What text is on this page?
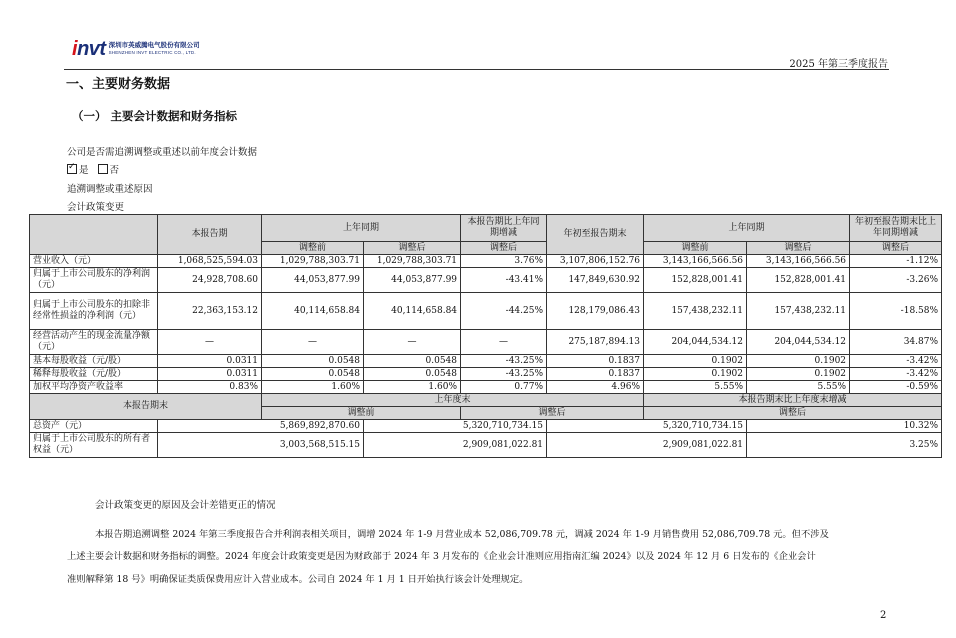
invt 深圳市英威腾电气股份有限公司
SHENZHEN INVT ELECTRIC CO., LTD.
2025 年第三季度报告
一、主要财务数据
（一） 主要会计数据和财务指标
公司是否需追溯调整或重述以前年度会计数据
✓是 否
追溯调整或重述原因
会计政策变更
	本报告期	上年同期		本报告期比上年同期增减	年初至报告期末	上年同期		年初至报告期末比上年同期增减
		调整前	调整后	调整后		调整前	调整后	调整后
营业收入（元）	1,068,525,594.03	1,029,788,303.71	1,029,788,303.71	3.76%	3,107,806,152.76	3,143,166,566.56	3,143,166,566.56	-1.12%
归属于上市公司股东的净利润（元）	24,928,708.60	44,053,877.99	44,053,877.99	-43.41%	147,849,630.92	152,828,001.41	152,828,001.41	-3.26%
归属于上市公司股东的扣除非经常性损益的净利润（元）	22,363,153.12	40,114,658.84	40,114,658.84	-44.25%	128,179,086.43	157,438,232.11	157,438,232.11	-18.58%
经营活动产生的现金流量净额（元）	—	—	—	—	275,187,894.13	204,044,534.12	204,044,534.12	34.87%
基本每股收益（元/股）	0.0311	0.0548	0.0548	-43.25%	0.1837	0.1902	0.1902	-3.42%
稀释每股收益（元/股）	0.0311	0.0548	0.0548	-43.25%	0.1837	0.1902	0.1902	-3.42%
加权平均净资产收益率	0.83%	1.60%	1.60%	0.77%	4.96%	5.55%	5.55%	-0.59%
本报告期末		上年度末				本报告期末比上年度末增减		
		调整前		调整后		调整后		
总资产（元）	5,869,892,870.60		5,320,710,734.15		5,320,710,734.15		10.32%	
归属于上市公司股东的所有者权益（元）	3,003,568,515.15		2,909,081,022.81		2,909,081,022.81		3.25%	
会计政策变更的原因及会计差错更正的情况
本报告期追溯调整 2024 年第三季度报告合并利润表相关项目，调增 2024 年 1-9 月营业成本 52,086,709.78 元，调减 2024 年 1-9 月销售费用 52,086,709.78 元。但不涉及
上述主要会计数据和财务指标的调整。2024 年度会计政策变更是因为财政部于 2024 年 3 月发布的《企业会计准则应用指南汇编 2024》以及 2024 年 12 月 6 日发布的《企业会计
准则解释第 18 号》明确保证类质保费用应计入营业成本。公司自 2024 年 1 月 1 日开始执行该会计处理规定。
2
